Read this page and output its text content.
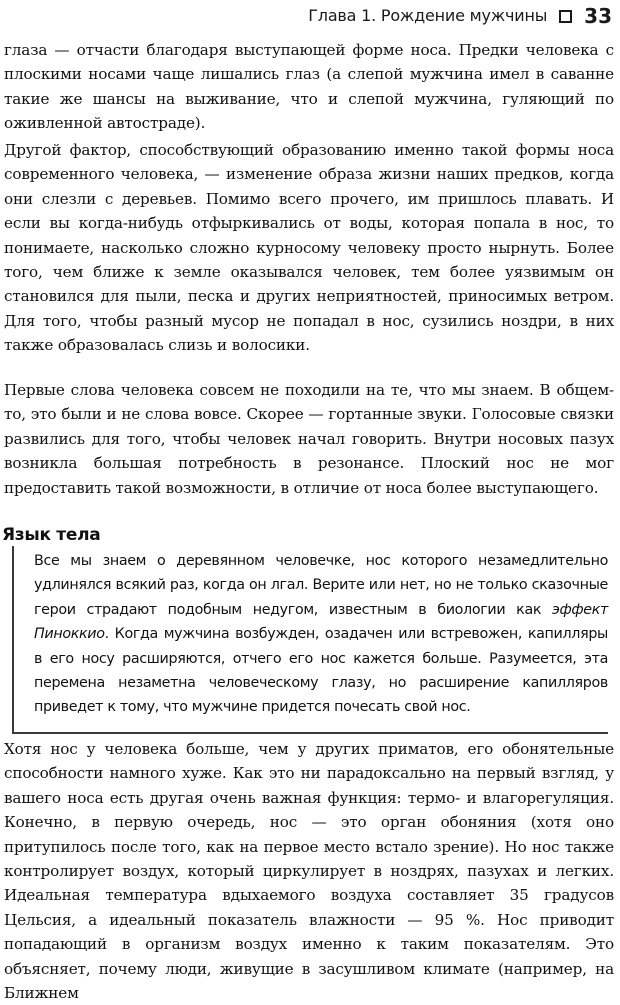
Глава 1. Рождение мужчины 33

глаза — отчасти благодаря выступающей форме носа. Предки человека с плоскими носами чаще лишались глаз (а слепой мужчина имел в саванне такие же шансы на выживание, что и слепой мужчина, гуляющий по оживленной автостраде).

Другой фактор, способствующий образованию именно такой формы носа современного человека, — изменение образа жизни наших предков, когда они слезли с деревьев. Помимо всего прочего, им пришлось плавать. И если вы когда-нибудь отфыркивались от воды, которая попала в нос, то понимаете, насколько сложно курносому человеку просто нырнуть. Более того, чем ближе к земле оказывался человек, тем более уязвимым он становился для пыли, песка и других неприятностей, приносимых ветром. Для того, чтобы разный мусор не попадал в нос, сузились ноздри, в них также образовалась слизь и волосики.

Первые слова человека совсем не походили на те, что мы знаем. В общем-то, это были и не слова вовсе. Скорее — гортанные звуки. Голосовые связки развились для того, чтобы человек начал говорить. Внутри носовых пазух возникла большая потребность в резонансе. Плоский нос не мог предоставить такой возможности, в отличие от носа более выступающего.

Язык тела

Все мы знаем о деревянном человечке, нос которого незамедлительно удлинялся всякий раз, когда он лгал. Верите или нет, но не только сказочные герои страдают подобным недугом, известным в биологии как эффект Пиноккио. Когда мужчина возбужден, озадачен или встревожен, капилляры в его носу расширяются, отчего его нос кажется больше. Разумеется, эта перемена незаметна человеческому глазу, но расширение капилляров приведет к тому, что мужчине придется почесать свой нос.

Хотя нос у человека больше, чем у других приматов, его обонятельные способности намного хуже. Как это ни парадоксально на первый взгляд, у вашего носа есть другая очень важная функция: термо- и влагорегуляция. Конечно, в первую очередь, нос — это орган обоняния (хотя оно притупилось после того, как на первое место встало зрение). Но нос также контролирует воздух, который циркулирует в ноздрях, пазухах и легких. Идеальная температура вдыхаемого воздуха составляет 35 градусов Цельсия, а идеальный показатель влажности — 95 %. Нос приводит попадающий в организм воздух именно к таким показателям. Это объясняет, почему люди, живущие в засушливом климате (например, на Ближнем
